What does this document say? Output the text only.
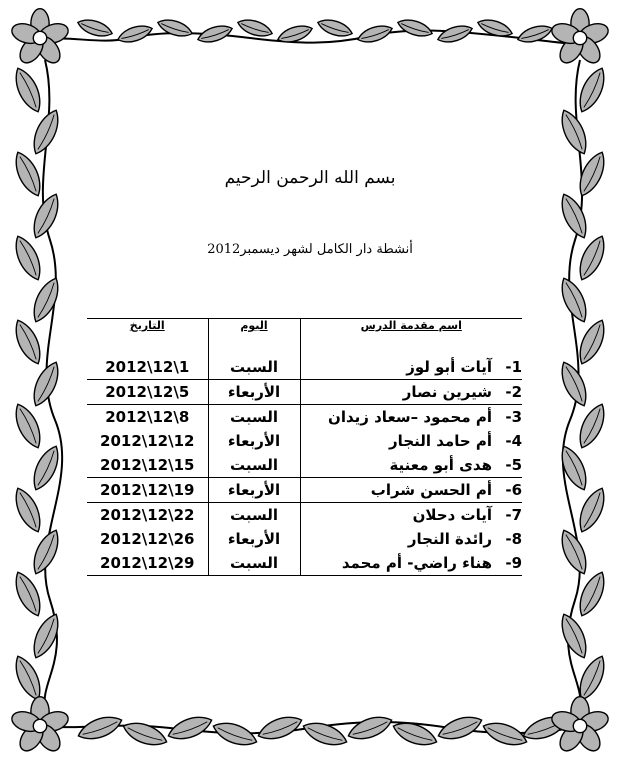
بسم الله الرحمن الرحيم
أنشطة دار الكامل لشهر ديسمبر2012
اسم مقدمة الدرس	اليوم	التاريخ

1-آيات أبو لوز	السبت	2012\12\1
2-شيرين نصار	الأربعاء	2012\12\5
3-أم محمود –سعاد زيدان	السبت	2012\12\8
4-أم حامد النجار	الأربعاء	2012\12\12
5-هدى أبو معنية	السبت	2012\12\15
6-أم الحسن شراب	الأربعاء	2012\12\19
7-آيات دحلان	السبت	2012\12\22
8-رائدة النجار	الأربعاء	2012\12\26
9-هناء راضي- أم محمد	السبت	2012\12\29
